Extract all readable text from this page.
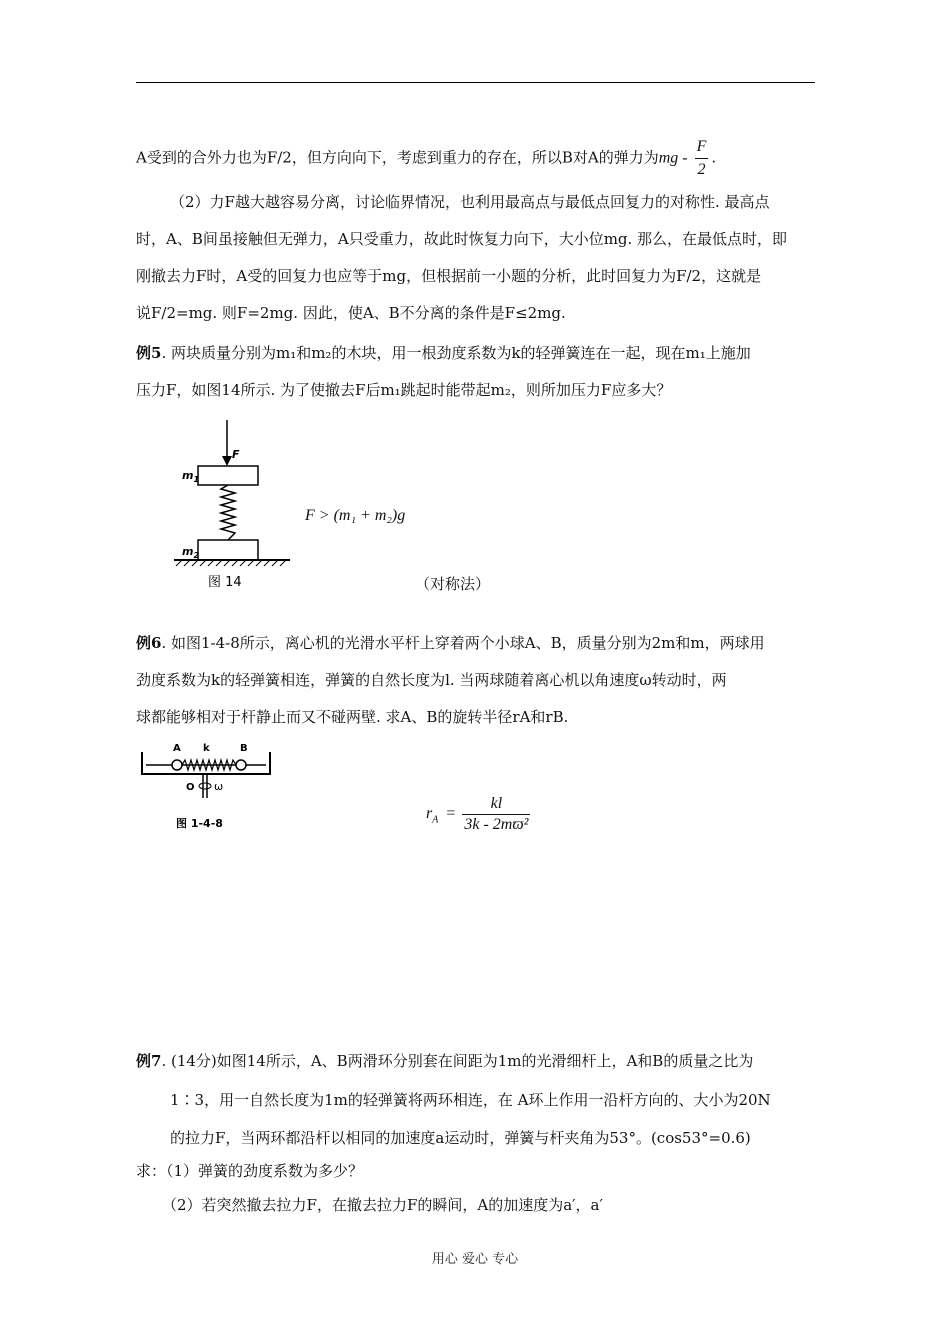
A受到的合外力也为F/2，但方向向下，考虑到重力的存在，所以B对A的弹力为mg - $\frac{F}{2}$ .
（2）力F越大越容易分离，讨论临界情况，也利用最高点与最低点回复力的对称性. 最高点
时，A、B间虽接触但无弹力，A只受重力，故此时恢复力向下，大小位mg. 那么，在最低点时，即
刚撤去力F时，A受的回复力也应等于mg，但根据前一小题的分析，此时回复力为F/2，这就是
说F/2=mg. 则F=2mg. 因此，使A、B不分离的条件是F≤2mg.
例5. 两块质量分别为m₁和m₂的木块，用一根劲度系数为k的轻弹簧连在一起，现在m₁上施加
压力F，如图14所示. 为了使撤去F后m₁跳起时能带起m₂，则所加压力F应多大？
F
$m_1$
$m_2$
图 14
F > (m₁ + m₂)g
（对称法）
例6. 如图1-4-8所示，离心机的光滑水平杆上穿着两个小球A、B，质量分别为2m和m，两球用
劲度系数为k的轻弹簧相连，弹簧的自然长度为l. 当两球随着离心机以角速度ω转动时，两
球都能够相对于杆静止而又不碰两壁. 求A、B的旋转半径rA和rB.
A k	B
O ω
图 1-4-8
$r_A = \frac{kl}{\text{3k - 2mϖ²}}$
例7. (14分)如图14所示，A、B两滑环分别套在间距为1m的光滑细杆上，A和B的质量之比为
1∶3，用一自然长度为1m的轻弹簧将两环相连，在 A环上作用一沿杆方向的、大小为20N
的拉力F，当两环都沿杆以相同的加速度a运动时，弹簧与杆夹角为53°。(cos53°=0.6)
求：（1）弹簧的劲度系数为多少？
（2）若突然撤去拉力F，在撤去拉力F的瞬间，A的加速度为a′，a′
用心 爱心 专心
